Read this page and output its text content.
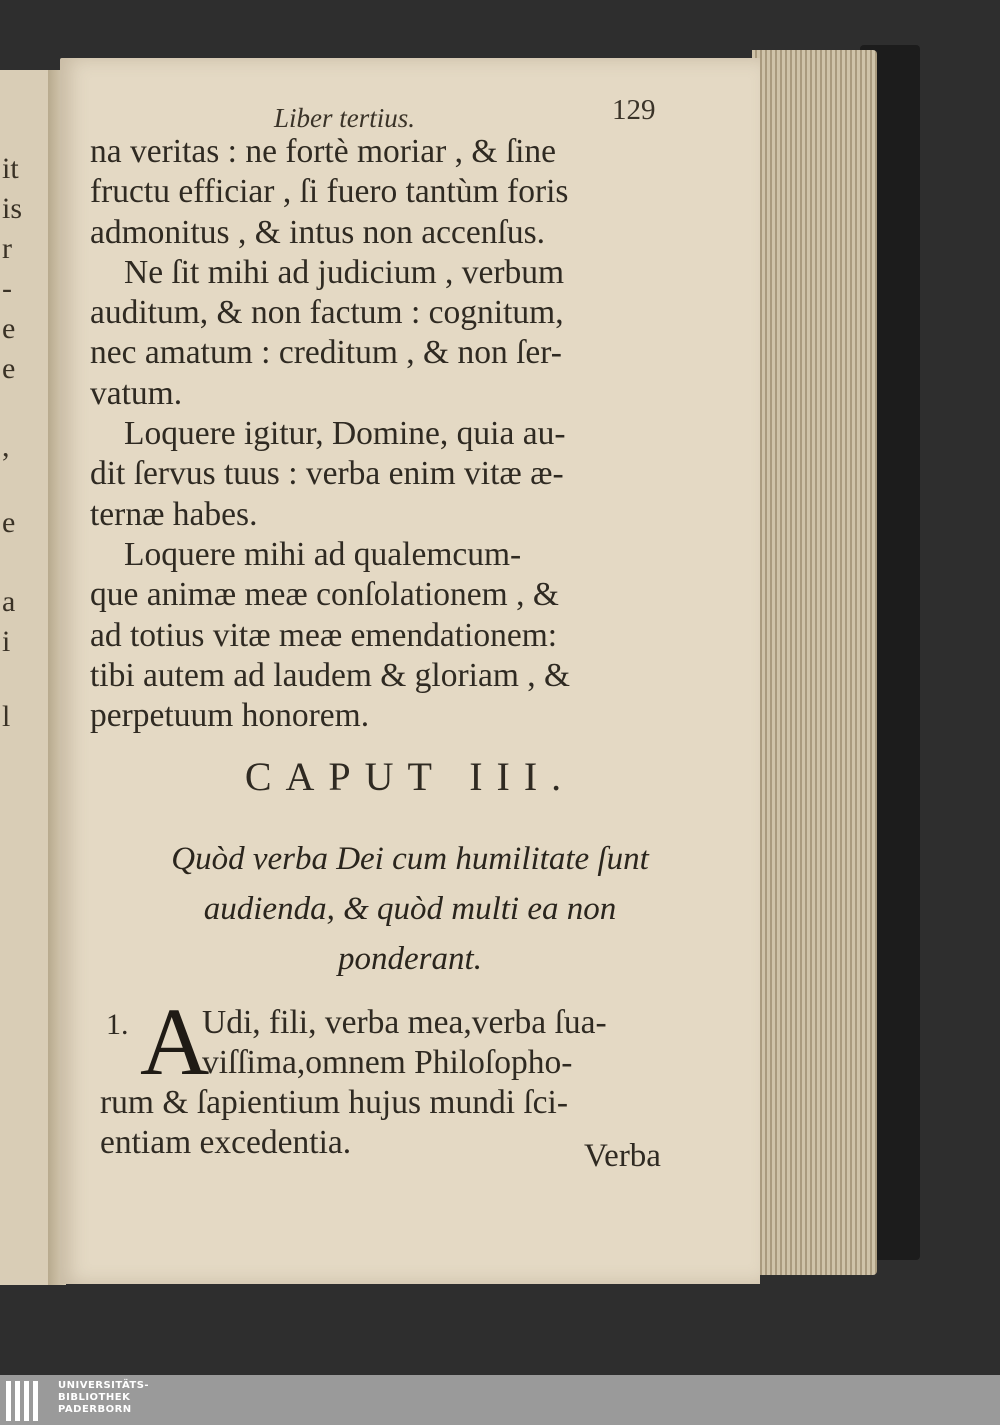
it
is
r
-
e
e
,
e
a
i
l
Liber tertius.	129
na veritas : ne fortè moriar , & ſine
fructu efficiar , ſi fuero tantùm foris
admonitus , & intus non accenſus.
Ne ſit mihi ad judicium , verbum
auditum, & non factum : cognitum,
nec amatum : creditum , & non ſer-
vatum.
Loquere igitur, Domine, quia au-
dit ſervus tuus : verba enim vitæ æ-
ternæ habes.
Loquere mihi ad qualemcum-
que animæ meæ conſolationem , &
ad totius vitæ meæ emendationem:
tibi autem ad laudem & gloriam , &
perpetuum honorem.
CAPUT III.
Quòd verba Dei cum humilitate ſunt
audienda, & quòd multi ea non
ponderant.
1. A
Udi, fili, verba mea,verba ſua-
viſſima,omnem Philoſopho-
rum & ſapientium hujus mundi ſci-
entiam excedentia.	Verba
UNIVERSITÄTS-
BIBLIOTHEK
PADERBORN
